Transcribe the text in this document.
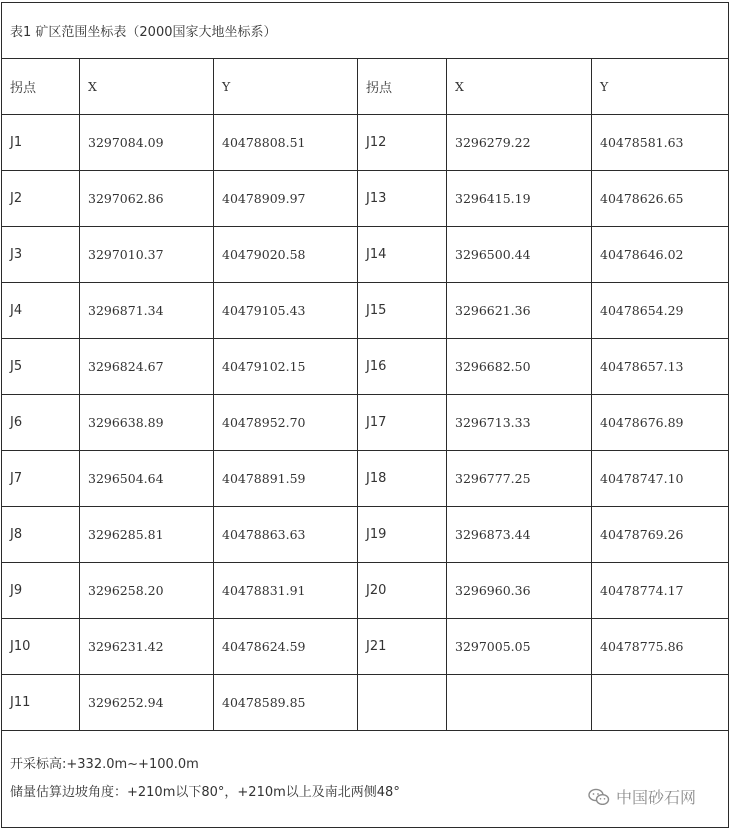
表1 矿区范围坐标表（2000国家大地坐标系）					
拐点	X	Y	拐点	X	Y
J1	3297084.09	40478808.51	J12	3296279.22	40478581.63
J2	3297062.86	40478909.97	J13	3296415.19	40478626.65
J3	3297010.37	40479020.58	J14	3296500.44	40478646.02
J4	3296871.34	40479105.43	J15	3296621.36	40478654.29
J5	3296824.67	40479102.15	J16	3296682.50	40478657.13
J6	3296638.89	40478952.70	J17	3296713.33	40478676.89
J7	3296504.64	40478891.59	J18	3296777.25	40478747.10
J8	3296285.81	40478863.63	J19	3296873.44	40478769.26
J9	3296258.20	40478831.91	J20	3296960.36	40478774.17
J10	3296231.42	40478624.59	J21	3297005.05	40478775.86
J11	3296252.94	40478589.85			

开采标高:+332.0m~+100.0m
储量估算边坡角度：+210m以下80°，+210m以上及南北两侧48°						中国砂石网
